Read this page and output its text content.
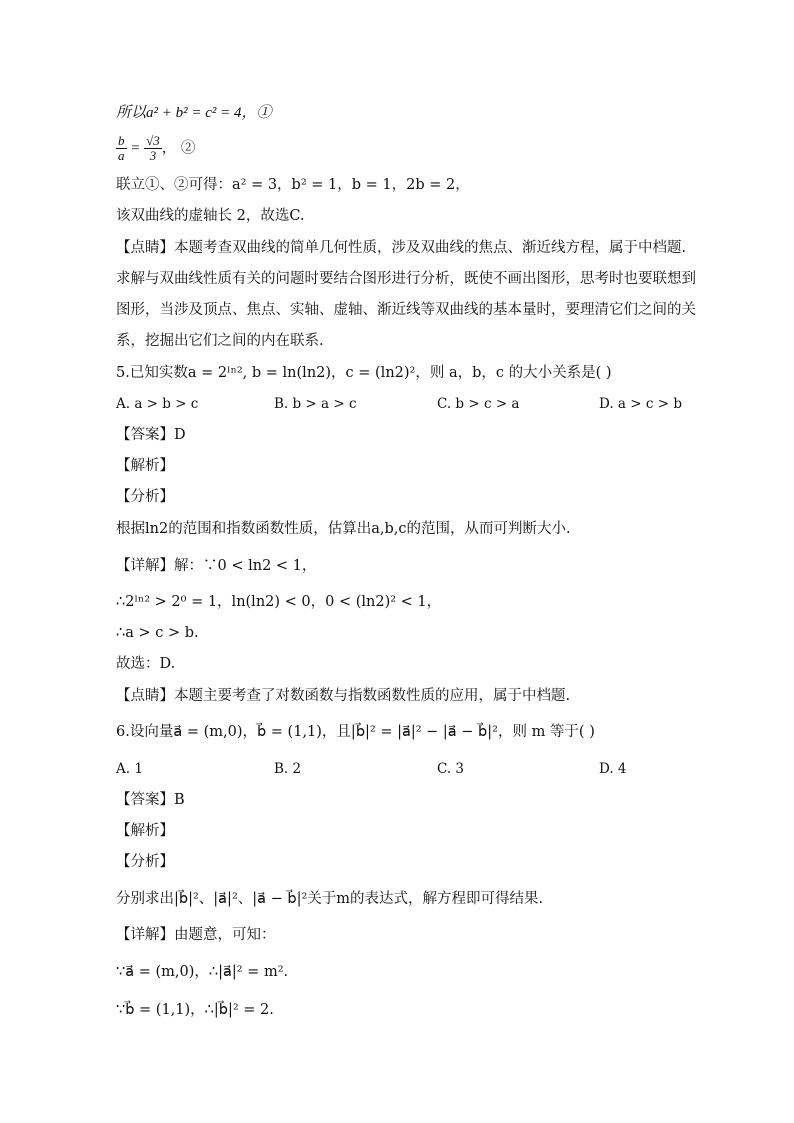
所以a² + b² = c² = 4，①
$\frac{b}{a} = \frac{√3}{3}$ ， ②
联立①、②可得：a² = 3，b² = 1，b = 1，2b = 2，
该双曲线的虚轴长 2，故选C.
【点睛】本题考查双曲线的简单几何性质，涉及双曲线的焦点、渐近线方程，属于中档题.
求解与双曲线性质有关的问题时要结合图形进行分析，既使不画出图形，思考时也要联想到
图形，当涉及顶点、焦点、实轴、虚轴、渐近线等双曲线的基本量时，要理清它们之间的关
系，挖掘出它们之间的内在联系.
5.已知实数a = 2ˡⁿ², b = ln(ln2)，c = (ln2)²，则 a，b，c 的大小关系是( )
A. a > b > c	B. b > a > c	C. b > c > a	D. a > c > b
【答案】D
【解析】
【分析】
根据ln2的范围和指数函数性质，估算出a,b,c的范围，从而可判断大小.
【详解】解：∵0 < ln2 < 1，
∴2ˡⁿ² > 2⁰ = 1，ln(ln2) < 0，0 < (ln2)² < 1，
∴a > c > b.
故选：D.
【点睛】本题主要考查了对数函数与指数函数性质的应用，属于中档题.
6.设向量a⃗ = (m,0)，b⃗ = (1,1)，且|b⃗|² = |a⃗|² − |a⃗ − b⃗|²，则 m 等于( )
A. 1	B. 2	C. 3	D. 4
【答案】B
【解析】
【分析】
分别求出|b⃗|²、|a⃗|²、|a⃗ − b⃗|²关于m的表达式，解方程即可得结果.
【详解】由题意，可知：
∵a⃗ = (m,0)，∴|a⃗|² = m².
∵b⃗ = (1,1)，∴|b⃗|² = 2.
